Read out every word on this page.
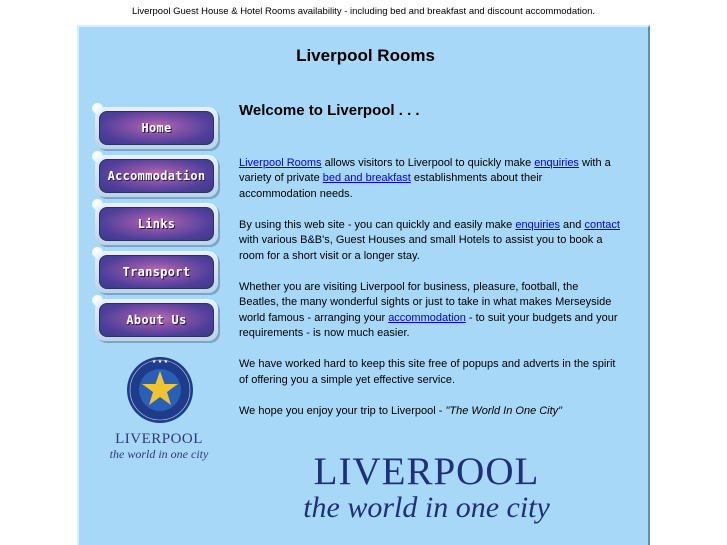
Liverpool Guest House & Hotel Rooms availability - including bed and breakfast and discount accommodation.
Liverpool Rooms
Home
Accommodation
Links
Transport
About Us
★ ★ ★
LIVERPOOL
the world in one city
Welcome to Liverpool . . .

Liverpool Rooms allows visitors to Liverpool to quickly make enquiries with a variety of private bed and breakfast establishments about their accommodation needs.

By using this web site - you can quickly and easily make enquiries and contact with various B&B's, Guest Houses and small Hotels to assist you to book a room for a short visit or a longer stay.

Whether you are visiting Liverpool for business, pleasure, football, the Beatles, the many wonderful sights or just to take in what makes Merseyside world famous - arranging your accommodation - to suit your budgets and your requirements - is now much easier.

We have worked hard to keep this site free of popups and adverts in the spirit of offering you a simple yet effective service.

We hope you enjoy your trip to Liverpool - "The World In One City"

LIVERPOOL
the world in one city
